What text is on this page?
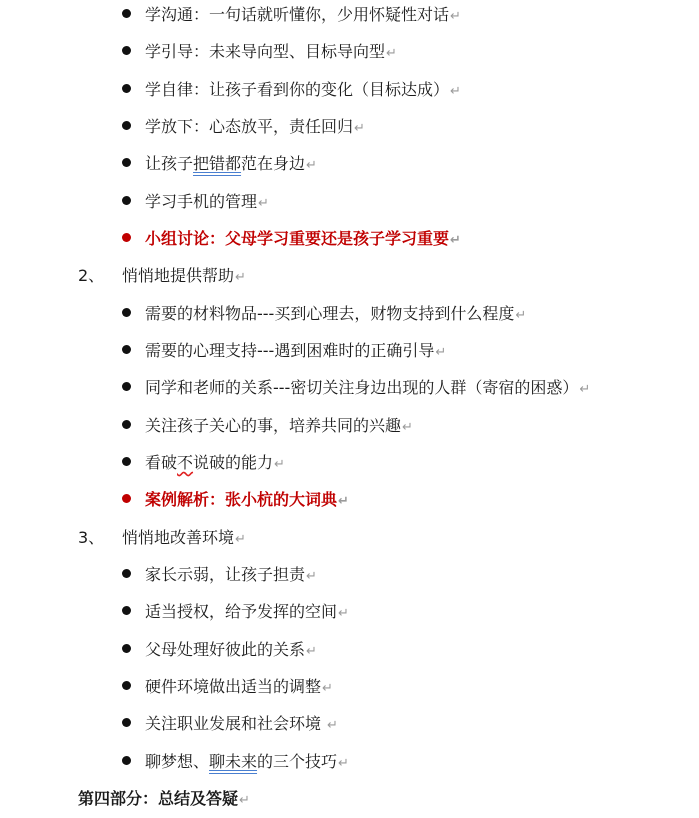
学沟通：一句话就听懂你，少用怀疑性对话↵
学引导：未来导向型、目标导向型↵
学自律：让孩子看到你的变化（目标达成）↵
学放下：心态放平，责任回归↵
让孩子把错都范在身边↵
学习手机的管理↵
小组讨论：父母学习重要还是孩子学习重要↵
2、 悄悄地提供帮助↵
需要的材料物品---买到心理去，财物支持到什么程度↵
需要的心理支持---遇到困难时的正确引导↵
同学和老师的关系---密切关注身边出现的人群（寄宿的困惑）↵
关注孩子关心的事，培养共同的兴趣↵
看破不说破的能力↵
案例解析：张小杭的大词典↵
3、 悄悄地改善环境↵
家长示弱，让孩子担责↵
适当授权，给予发挥的空间↵
父母处理好彼此的关系↵
硬件环境做出适当的调整↵
关注职业发展和社会环境 ↵
聊梦想、聊未来的三个技巧↵
第四部分：总结及答疑↵
